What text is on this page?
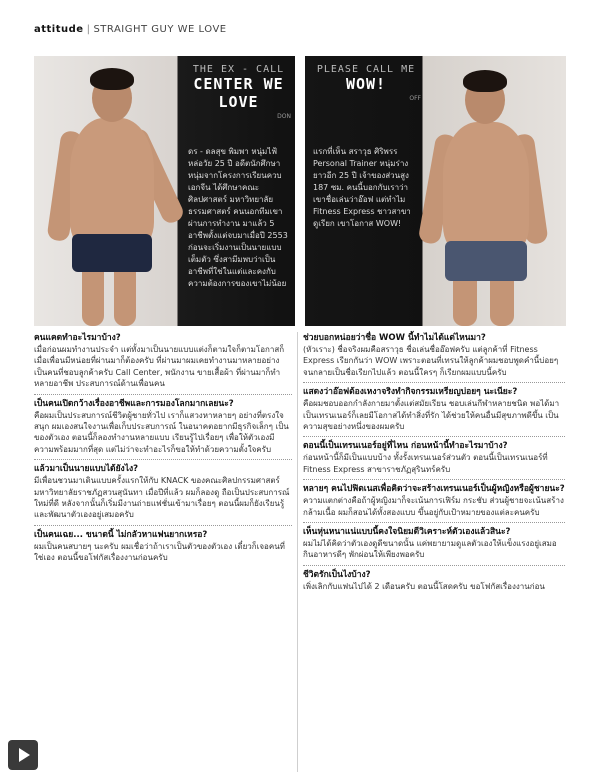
attitude | STRAIGHT GUY WE LOVE
THE EX - CALL
CENTER WE LOVE
DON
ดร - ดลสุข พิมพา หนุ่มไฟ้ หล่อวัย 25 ปี อดีตนักศึกษาหนุ่มจากโครงการเรียนควบเอกจีน ได้ศึกษาคณะศิลปศาสตร์ มหาวิทยาลัยธรรมศาสตร์ คนนอกทีมเขาผ่านการทำงาน มาแล้ว 5 อาชีพตั้งแต่จบมาเมื่อปี 2553 ก่อนจะเริ่มงานเป็นนายแบบเต็มตัว ซึ่งสามีมพบว่าเป็นอาชีพที่ใช่ในแต่และคงกับความต้องการของเขาไม่น้อย
PLEASE CALL ME
WOW!
OFF
แรกที่เห็น สราวุธ ศิริพรร Personal Trainer หนุ่มร่างยาวอีก 25 ปี เจ้าของส่วนสูง 187 ซม. คนนี้บอกกับเราว่าเขาชื่อเล่นว่าอ๊อฟ แต่ทำไม Fitness Express ชาวสาขาดูเรียก เขาโอกาส WOW!
คนแคดทำอะไรมาบ้าง?

เมื่อก่อนผมทำงานประจำ แต่ทั้งมาเป็นนายแบบแต่งก็ตามใจก็ตามโอกาสก็เมื่อเพื่อนมีหน่อยที่ผ่านมาก็ต้องครับ ที่ผ่านมาผมเคยทำงานมาหลายอย่าง เป็นคนที่ชอบลูกค้าครับ Call Center, พนักงาน ขายเสื้อผ้า ที่ผ่านมาก็ทำหลายอาชีพ ประสบการณ์ด้านเพื่อนคน

เป็นคนเปิดกว้างเรื่องอาชีพและการมองโลกมากเลยนะ?

คือผมเป็นประสบการณ์ชีวิตผู้ชายทั่วไป เราก็แสวงหาหลายๆ อย่างที่ตรงใจ สนุก ผมเองสนใจงานเพื่อเก็บประสบการณ์ ในอนาคตอยากมีธุรกิจเล็กๆ เป็นของตัวเอง ตอนนี้ก็ลองทำงานหลายแบบ เรียนรู้ไปเรื่อยๆ เพื่อให้ตัวเองมีความพร้อมมากที่สุด แต่ไม่ว่าจะทำอะไรก็ขอให้ทำด้วยความตั้งใจครับ

แล้วมาเป็นนายแบบได้ยังไง?

มีเพื่อนชวนมาเดินแบบครั้งแรกให้กับ KNACK ของคณะศิลปกรรมศาสตร์ มหาวิทยาลัยราชภัฏสวนสุนันทา เมื่อปีที่แล้ว ผมก็ลองดู ถือเป็นประสบการณ์ใหม่ที่ดี หลังจากนั้นก็เริ่มมีงานถ่ายแฟชั่นเข้ามาเรื่อยๆ ตอนนี้ผมก็ยังเรียนรู้และพัฒนาตัวเองอยู่เสมอครับ

เป็นคนเฉย... ขนาดนี้ ไม่กลัวหาแฟนยากเหรอ?

ผมเป็นคนสบายๆ นะครับ ผมเชื่อว่าถ้าเราเป็นตัวของตัวเอง เดี๋ยวก็เจอคนที่ใช่เอง ตอนนี้ขอโฟกัสเรื่องงานก่อนครับ

ช่วยบอกหน่อยว่าชื่อ WOW นี้ทำไมได้แต่ไหนมา?

(หัวเราะ) ชื่อจริงผมคือสราวุธ ชื่อเล่นชื่ออ๊อฟครับ แต่ลูกค้าที่ Fitness Express เรียกกันว่า WOW เพราะตอนที่เทรนให้ลูกค้าผมชอบพูดคำนี้บ่อยๆ จนกลายเป็นชื่อเรียกไปแล้ว ตอนนี้ใครๆ ก็เรียกผมแบบนี้ครับ

แสดงว่าอ๊อฟต้องเหงาจริงทำกิจกรรมเหรียญบ่อยๆ นะเนียะ?

คือผมชอบออกกำลังกายมาตั้งแต่สมัยเรียน ชอบเล่นกีฬาหลายชนิด พอได้มาเป็นเทรนเนอร์ก็เลยมีโอกาสได้ทำสิ่งที่รัก ได้ช่วยให้คนอื่นมีสุขภาพดีขึ้น เป็นความสุขอย่างหนึ่งของผมครับ

ตอนนี้เป็นเทรนเนอร์อยู่ที่ไหน ก่อนหน้านี้ทำอะไรมาบ้าง?

ก่อนหน้านี้ก็มีเป็นแบบบ้าง ทั้งรั้งเทรนเนอร์ส่วนตัว ตอนนี้เป็นเทรนเนอร์ที่ Fitness Express สาขาราชภัฏสุรินทร์ครับ

หลายๆ คนไปฟิตเนสเพื่อคิดว่าจะสร้างเทรนเนอร์เป็นผู้หญิงหรือผู้ชายนะ?

ความแตกต่างคือถ้าผู้หญิงมาก็จะเน้นการเฟิร์ม กระชับ ส่วนผู้ชายจะเน้นสร้างกล้ามเนื้อ ผมก็สอนได้ทั้งสองแบบ ขึ้นอยู่กับเป้าหมายของแต่ละคนครับ

เห็นหุ่นหนาแน่แบบนี้คงใจนิยมดีวิเคราะห์ตัวเองแล้วสินะ?

ผมไม่ได้คิดว่าตัวเองดูดีขนาดนั้น แค่พยายามดูแลตัวเองให้แข็งแรงอยู่เสมอ กินอาหารดีๆ พักผ่อนให้เพียงพอครับ

ชีวิตรักเป็นไงบ้าง?

เพิ่งเลิกกับแฟนไปได้ 2 เดือนครับ ตอนนี้โสดครับ ขอโฟกัสเรื่องงานก่อน
